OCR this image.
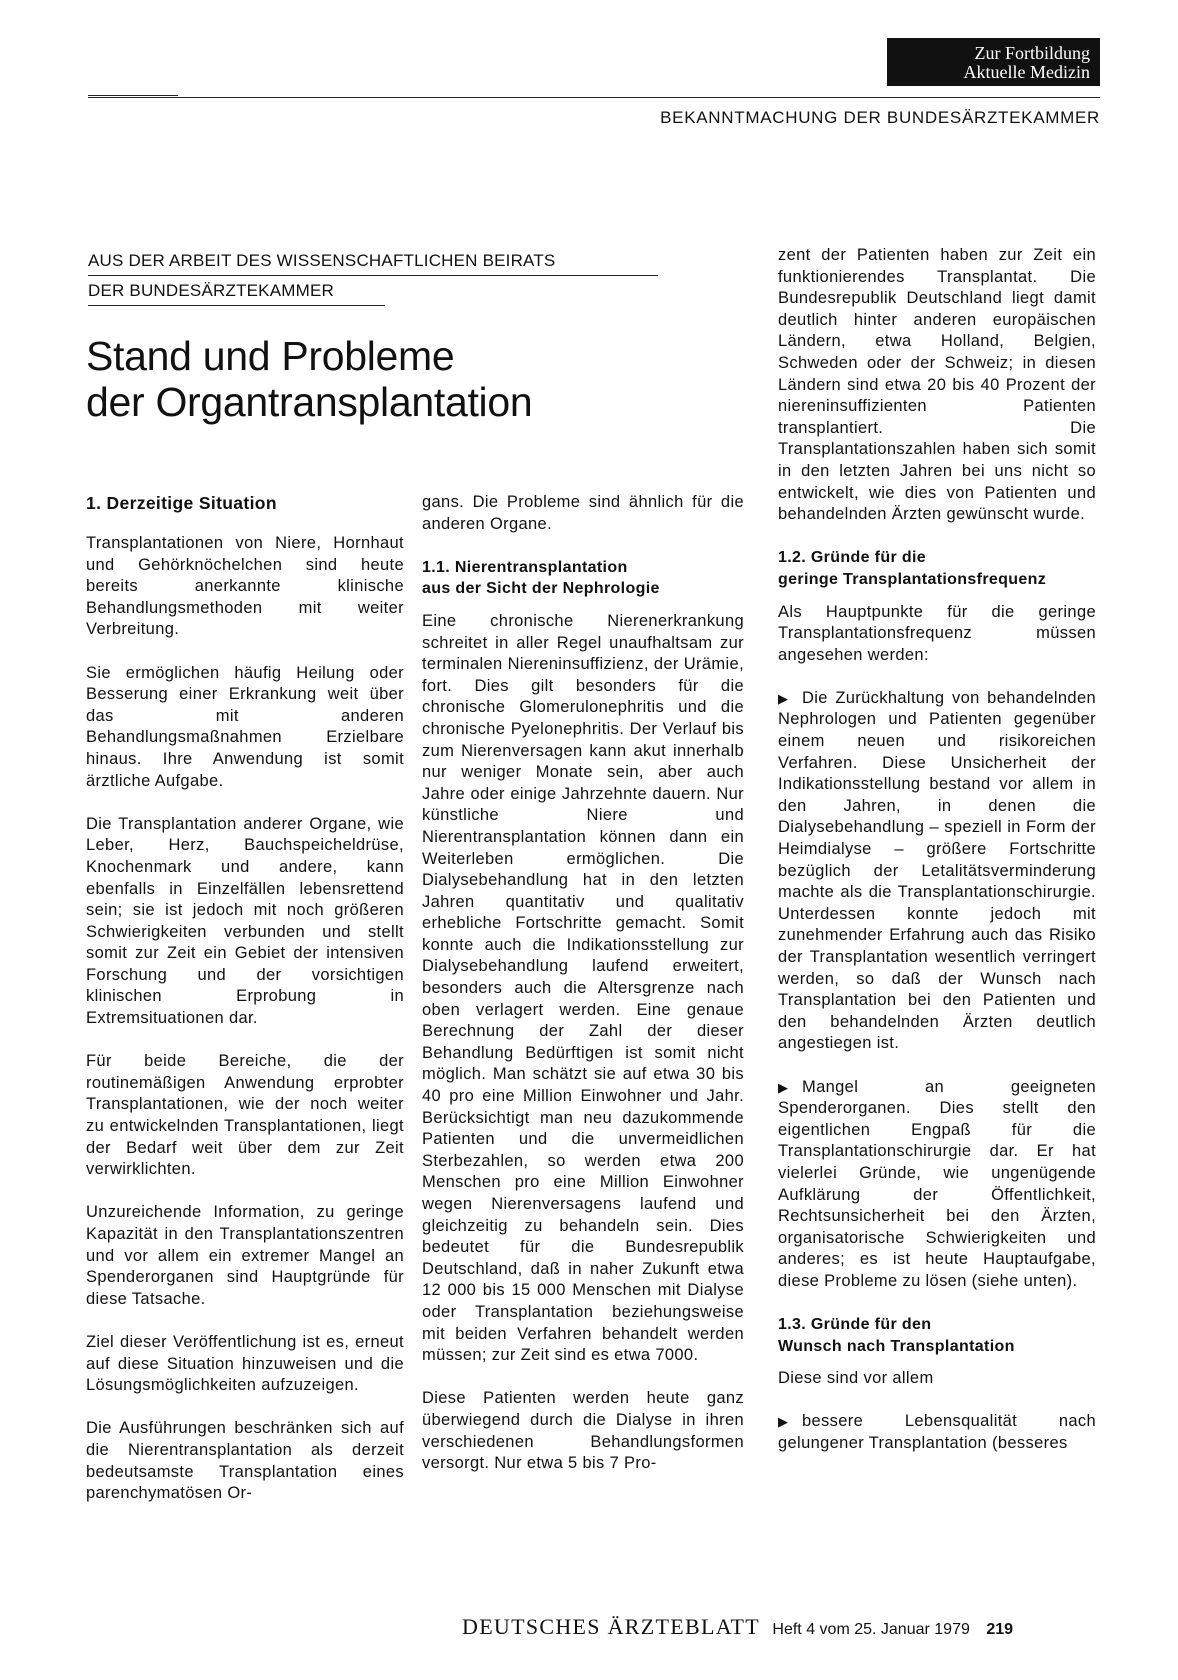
Zur Fortbildung
Aktuelle Medizin
BEKANNTMACHUNG DER BUNDESÄRZTEKAMMER
AUS DER ARBEIT DES WISSENSCHAFTLICHEN BEIRATS
DER BUNDESÄRZTEKAMMER
Stand und Probleme
der Organtransplantation
1. Derzeitige Situation

Transplantationen von Niere, Hornhaut und Gehörknöchelchen sind heute bereits anerkannte klinische Behandlungsmethoden mit weiter Verbreitung.

Sie ermöglichen häufig Heilung oder Besserung einer Erkrankung weit über das mit anderen Behandlungsmaßnahmen Erzielbare hinaus. Ihre Anwendung ist somit ärztliche Aufgabe.

Die Transplantation anderer Organe, wie Leber, Herz, Bauchspeicheldrüse, Knochenmark und andere, kann ebenfalls in Einzelfällen lebensrettend sein; sie ist jedoch mit noch größeren Schwierigkeiten verbunden und stellt somit zur Zeit ein Gebiet der intensiven Forschung und der vorsichtigen klinischen Erprobung in Extremsituationen dar.

Für beide Bereiche, die der routinemäßigen Anwendung erprobter Transplantationen, wie der noch weiter zu entwickelnden Transplantationen, liegt der Bedarf weit über dem zur Zeit verwirklichten.

Unzureichende Information, zu geringe Kapazität in den Transplantationszentren und vor allem ein extremer Mangel an Spenderorganen sind Hauptgründe für diese Tatsache.

Ziel dieser Veröffentlichung ist es, erneut auf diese Situation hinzuweisen und die Lösungsmöglichkeiten aufzuzeigen.

Die Ausführungen beschränken sich auf die Nierentransplantation als derzeit bedeutsamste Transplantation eines parenchymatösen Or-

gans. Die Probleme sind ähnlich für die anderen Organe.

1.1. Nierentransplantation
aus der Sicht der Nephrologie

Eine chronische Nierenerkrankung schreitet in aller Regel unaufhaltsam zur terminalen Niereninsuffizienz, der Urämie, fort. Dies gilt besonders für die chronische Glomerulonephritis und die chronische Pyelonephritis. Der Verlauf bis zum Nierenversagen kann akut innerhalb nur weniger Monate sein, aber auch Jahre oder einige Jahrzehnte dauern. Nur künstliche Niere und Nierentransplantation können dann ein Weiterleben ermöglichen. Die Dialysebehandlung hat in den letzten Jahren quantitativ und qualitativ erhebliche Fortschritte gemacht. Somit konnte auch die Indikationsstellung zur Dialysebehandlung laufend erweitert, besonders auch die Altersgrenze nach oben verlagert werden. Eine genaue Berechnung der Zahl der dieser Behandlung Bedürftigen ist somit nicht möglich. Man schätzt sie auf etwa 30 bis 40 pro eine Million Einwohner und Jahr. Berücksichtigt man neu dazukommende Patienten und die unvermeidlichen Sterbezahlen, so werden etwa 200 Menschen pro eine Million Einwohner wegen Nierenversagens laufend und gleichzeitig zu behandeln sein. Dies bedeutet für die Bundesrepublik Deutschland, daß in naher Zukunft etwa 12 000 bis 15 000 Menschen mit Dialyse oder Transplantation beziehungsweise mit beiden Verfahren behandelt werden müssen; zur Zeit sind es etwa 7000.

Diese Patienten werden heute ganz überwiegend durch die Dialyse in ihren verschiedenen Behandlungsformen versorgt. Nur etwa 5 bis 7 Pro-

zent der Patienten haben zur Zeit ein funktionierendes Transplantat. Die Bundesrepublik Deutschland liegt damit deutlich hinter anderen europäischen Ländern, etwa Holland, Belgien, Schweden oder der Schweiz; in diesen Ländern sind etwa 20 bis 40 Prozent der niereninsuffizienten Patienten transplantiert. Die Transplantationszahlen haben sich somit in den letzten Jahren bei uns nicht so entwickelt, wie dies von Patienten und behandelnden Ärzten gewünscht wurde.

1.2. Gründe für die
geringe Transplantationsfrequenz

Als Hauptpunkte für die geringe Transplantationsfrequenz müssen angesehen werden:

▶ Die Zurückhaltung von behandelnden Nephrologen und Patienten gegenüber einem neuen und risikoreichen Verfahren. Diese Unsicherheit der Indikationsstellung bestand vor allem in den Jahren, in denen die Dialysebehandlung – speziell in Form der Heimdialyse – größere Fortschritte bezüglich der Letalitätsverminderung machte als die Transplantationschirurgie. Unterdessen konnte jedoch mit zunehmender Erfahrung auch das Risiko der Transplantation wesentlich verringert werden, so daß der Wunsch nach Transplantation bei den Patienten und den behandelnden Ärzten deutlich angestiegen ist.

▶ Mangel an geeigneten Spenderorganen. Dies stellt den eigentlichen Engpaß für die Transplantationschirurgie dar. Er hat vielerlei Gründe, wie ungenügende Aufklärung der Öffentlichkeit, Rechtsunsicherheit bei den Ärzten, organisatorische Schwierigkeiten und anderes; es ist heute Hauptaufgabe, diese Probleme zu lösen (siehe unten).

1.3. Gründe für den
Wunsch nach Transplantation

Diese sind vor allem

▶ bessere Lebensqualität nach gelungener Transplantation (besseres

DEUTSCHES ÄRZTEBLATT Heft 4 vom 25. Januar 1979 219
